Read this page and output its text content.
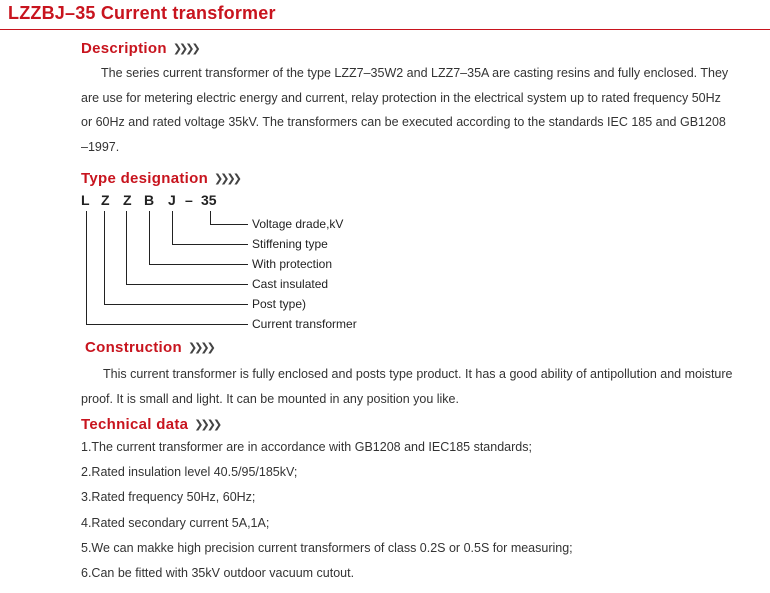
LZZBJ–35 Current transformer
Description ❯❯❯❯

The series current transformer of the type LZZ7–35W2 and LZZ7–35A are casting resins and fully enclosed. They

are use for metering electric energy and current, relay protection in the electrical system up to rated frequency 50Hz

or 60Hz and rated voltage 35kV. The transformers can be executed according to the standards IEC 185 and GB1208

–1997.

Type designation ❯❯❯❯
L Z Z B J – 35
Voltage drade,kV
Stiffening type
With protection
Cast insulated
Post type)
Current transformer
Construction ❯❯❯❯

This current transformer is fully enclosed and posts type product. It has a good ability of antipollution and moisture

proof. It is small and light. It can be mounted in any position you like.

Technical data ❯❯❯❯
1.The current transformer are in accordance with GB1208 and IEC185 standards;
2.Rated insulation level 40.5/95/185kV;
3.Rated frequency 50Hz, 60Hz;
4.Rated secondary current 5A,1A;
5.We can makke high precision current transformers of class 0.2S or 0.5S for measuring;
6.Can be fitted with 35kV outdoor vacuum cutout.
